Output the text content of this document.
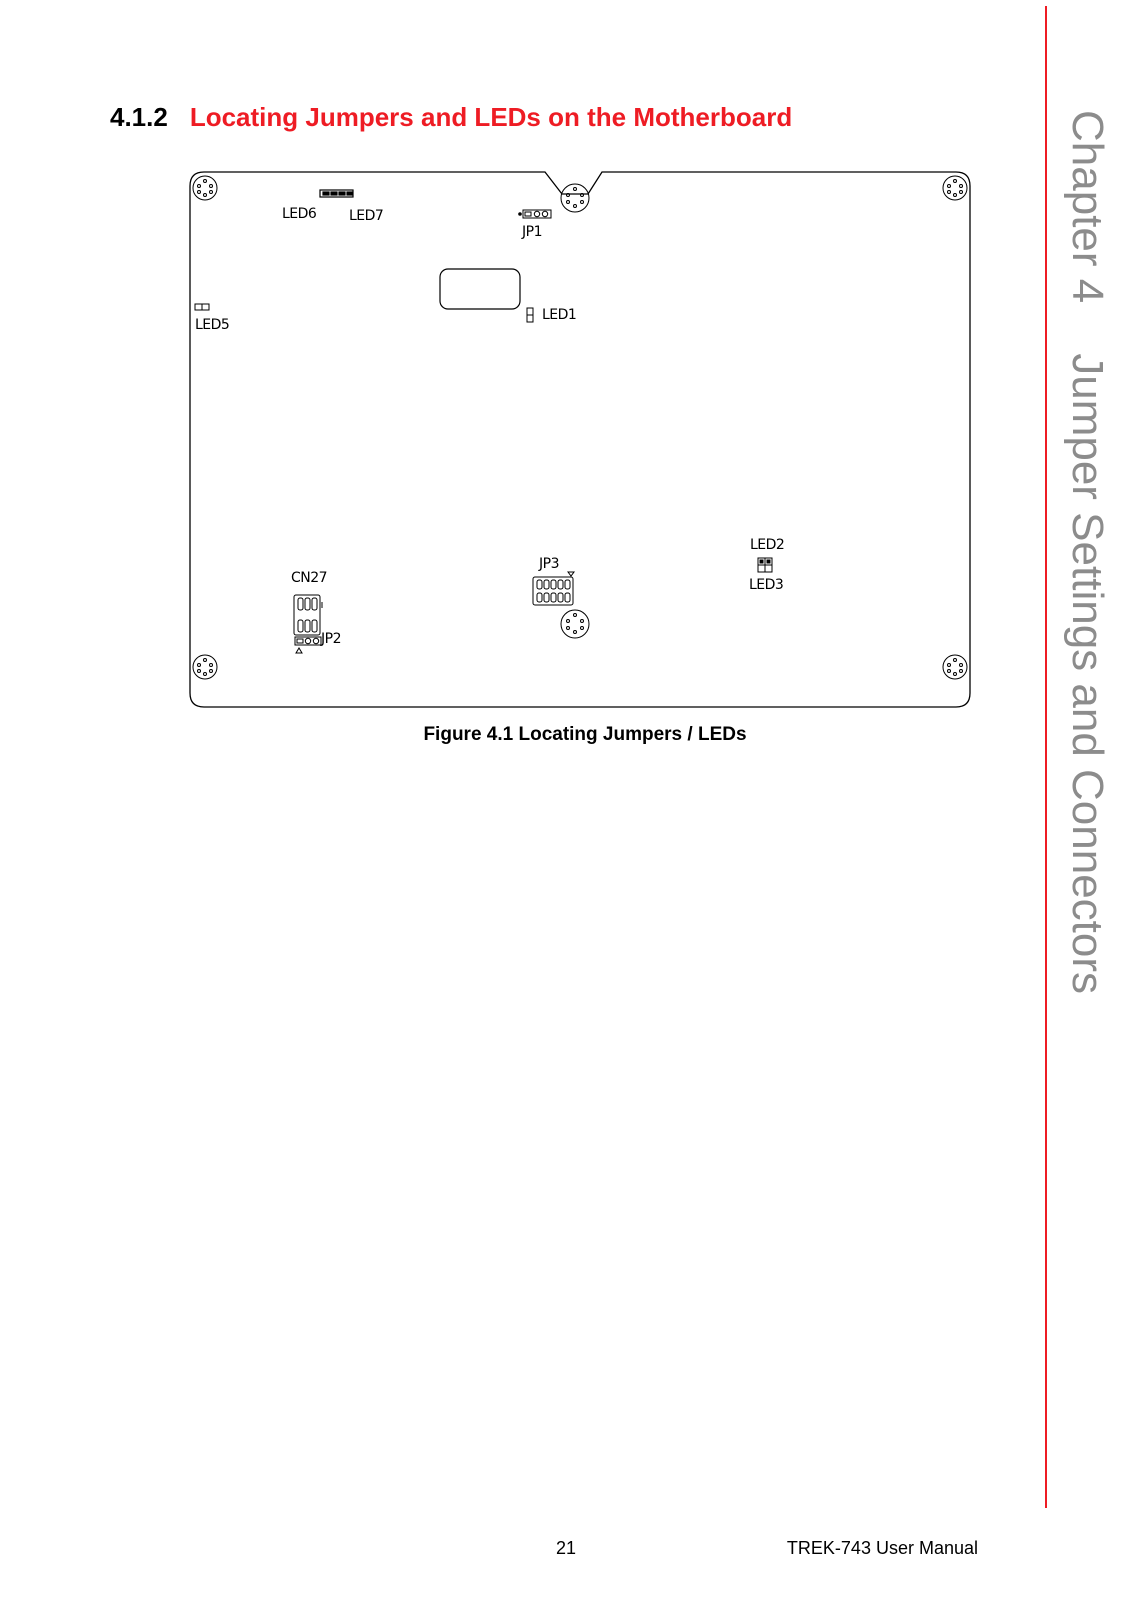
4.1.2 Locating Jumpers and LEDs on the Motherboard
LED6 LED7
JP1
LED5
LED1
LED2
LED3
JP3
CN27
JP2
Figure 4.1 Locating Jumpers / LEDs
Chapter 4Jumper Settings and Connectors
21	TREK-743 User Manual
